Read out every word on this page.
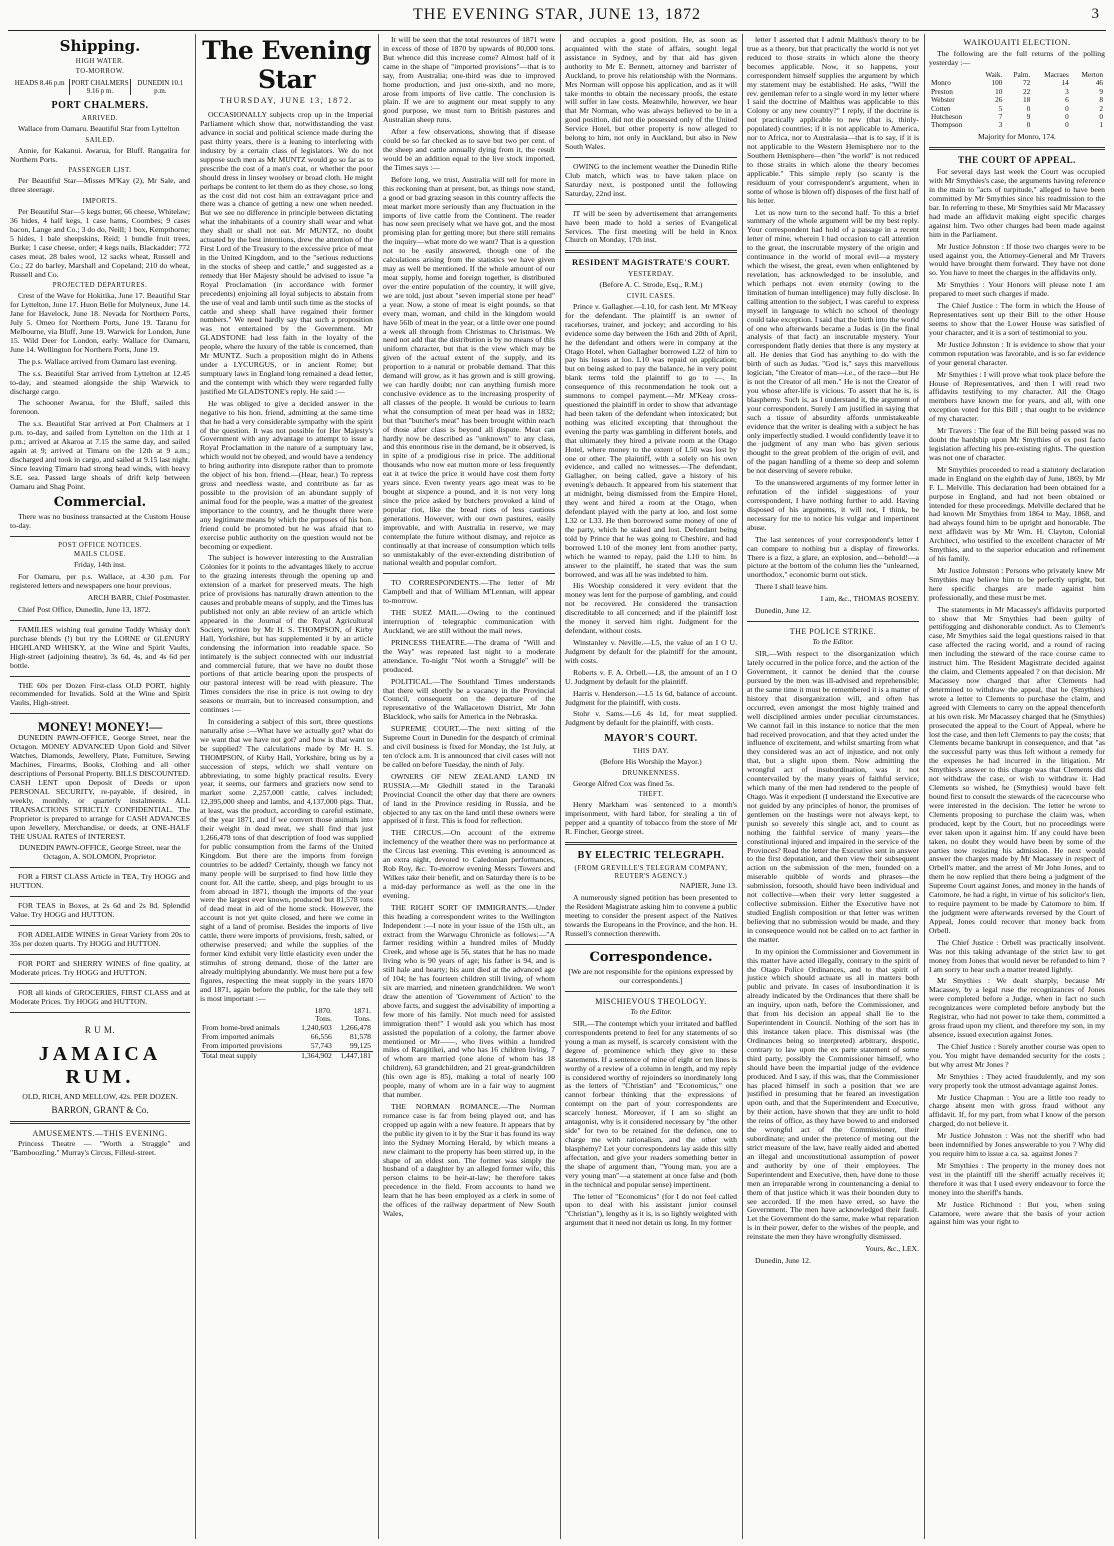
THE EVENING STAR, JUNE 13, 1872	3
Shipping.
HIGH WATER.
TO-MORROW.
HEADS 8.46 p.m PORT CHALMERS 9.16 p m.
DUNEDIN 10.1 p.m.
PORT CHALMERS.
ARRIVED.

Wallace from Oamaru. Beautiful Star from Lyttelton

SAILED.

Annie, for Kakanui. Awarua, for Bluff. Rangatira for Northern Ports.

PASSENGER LIST.

Per Beautiful Star—Misses M'Kay (2), Mr Sale, and three steerage.

IMPORTS.

Per Beautiful Star—5 kegs butter, 66 cheese, Whitelaw; 36 hides, 4 half kegs, 1 case hams, Coombes; 9 cases bacon, Lange and Co.; 3 do do, Neill; 1 box, Kempthorne; 5 hides, 1 bale sheepskins, Reid; 1 bundle fruit trees, Burke; 1 case cheese, order; 4 kegs nails, Blackadder; 772 cases meat, 28 bales wool, 12 sacks wheat, Russell and Co.; 22 do barley, Marshall and Copeland; 210 do wheat, Russell and Co.

PROJECTED DEPARTURES.

Crest of the Wave for Hokitika, June 17. Beautiful Star for Lyttelton, June 17. Huon Belle for Molyneux, June 14. Jane for Havelock, June 18. Nevada for Northern Ports, July 5. Omeo for Northern Ports, June 19. Taranu for Melbourne, via Bluff, June 19. Warwick for London, June 15. Wild Deer for London, early. Wallace for Oamaru, June 14. Wellington for Northern Ports, June 19.

The p.s. Wallace arrived from Oamaru last evening.

The s.s. Beautiful Star arrived from Lyttelton at 12.45 to-day, and steamed alongside the ship Warwick to discharge cargo.

The schooner Awarua, for the Bluff, sailed this forenoon.

The s.s. Beautiful Star arrived at Port Chalmers at 1 p.m. to-day, and sailed from Lyttelton on the 11th at 1 p.m.; arrived at Akaroa at 7.15 the same day, and sailed again at 9; arrived at Timaru on the 12th at 9 a.m.; discharged and took in cargo, and sailed at 9.15 last night. Since leaving Timaru had strong head winds, with heavy S.E. sea. Passed large shoals of drift kelp between Oamaru and Shag Point.

Commercial.

There was no business transacted at the Custom House to-day.

POST OFFICE NOTICES.
MAILS CLOSE.

Friday, 14th inst.

For Oamaru, per p.s. Wallace, at 4.30 p.m. For registered letters and newspapers one hour previous.

ARCH BARR, Chief Postmaster.

Chief Post Office, Dunedin, June 13, 1872.

FAMILIES wishing real genuine Toddy Whisky don't purchase blends (!) but try the LORNE or GLENURY HIGHLAND WHISKY, at the Wine and Spirit Vaults, High-street (adjoining theatre), 3s 6d, 4s, and 4s 6d per bottle.

THE 60s per Dozen First-class OLD PORT, highly recommended for Invalids. Sold at the Wine and Spirit Vaults, High-street.

MONEY! MONEY!—

DUNEDIN PAWN-OFFICE, George Street, near the Octagon. MONEY ADVANCED Upon Gold and Silver Watches, Diamonds, Jewellery, Plate, Furniture, Sewing Machines, Firearms, Books, Clothing and all other descriptions of Personal Property. BILLS DISCOUNTED. CASH LENT upon Deposit of Deeds or upon PERSONAL SECURITY, re-payable, if desired, in weekly, monthly, or quarterly instalments. ALL TRANSACTIONS STRICTLY CONFIDENTIAL. The Proprietor is prepared to arrange for CASH ADVANCES upon Jewellery, Merchandise, or deeds, at ONE-HALF THE USUAL RATES of INTEREST.

DUNEDIN PAWN-OFFICE, George Street, near the Octagon, A. SOLOMON, Proprietor.

FOR a FIRST CLASS Article in TEA, Try HOGG and HUTTON.

FOR TEAS in Boxes, at 2s 6d and 2s 8d. Splendid Value. Try HOGG and HUTTON.

FOR ADELAIDE WINES in Great Variety from 20s to 35s per dozen quarts. Try HOGG and HUTTON.

FOR PORT and SHERRY WINES of fine quality, at Moderate prices. Try HOGG and HUTTON.

FOR all kinds of GROCERIES, FIRST CLASS and at Moderate Prices. Try HOGG and HUTTON.

R U M.
JAMAICA RUM.

OLD, RICH, AND MELLOW, 42s. PER DOZEN.

BARRON, GRANT & Co.

AMUSEMENTS.—THIS EVENING.

Princess Theatre — "Worth a Straggle" and "Bamboozling." Murray's Circus, Filleul-street.

The Evening Star
THURSDAY, JUNE 13, 1872.

OCCASIONALLY subjects crop up in the Imperial Parliament which show that, notwithstanding the vast advance in social and political science made during the past thirty years, there is a leaning to interfering with industry by a certain class of legislators. We do not suppose such men as Mr MUNTZ would go so far as to prescribe the cost of a man's coat, or whether the poor should dress in linsey woolsey or broad cloth. He might perhaps be content to let them do as they chose, so long as the cost did not cost him an extravagant price and there was a chance of getting a new one when needed. But we see no difference in principle between dictating what the inhabitants of a country shall wear and what they shall or shall not eat. Mr MUNTZ, no doubt actuated by the best intentions, drew the attention of the First Lord of the Treasury to the excessive price of meat in the United Kingdom, and to the "serious reductions in the stocks of sheep and cattle," and suggested as a remedy that Her Majesty should be advised to issue "a Royal Proclamation (in accordance with former precedents) enjoining all loyal subjects to abstain from the use of veal and lamb until such time as the stocks of cattle and sheep shall have regained their former numbers." We need hardly say that such a proposition was not entertained by the Government. Mr GLADSTONE had less faith in the loyalty of the people, where the luxury of the table is concerned, than Mr MUNTZ. Such a proposition might do in Athens under a LYCURGUS, or in ancient Rome; but sumptuary laws in England long remained a dead letter, and the contempt with which they were regarded fully justified Mr GLADSTONE's reply. He said :—

He was obliged to give a decided answer in the negative to his hon. friend, admitting at the same time that he had a very considerable sympathy with the spirit of the question. It was not possible for Her Majesty's Government with any advantage to attempt to issue a Royal Proclamation in the nature of a sumptuary law, which would not be obeyed, and would have a tendency to bring authority into disrepute rather than to promote the object of his hon. friend.—(Hear, hear.) To repress gross and needless waste, and contribute as far as possible to the provision of an abundant supply of animal food for the people, was a matter of the greatest importance to the country, and he thought there were any legitimate means by which the purposes of his hon. friend could be promoted but he was afraid that to exercise public authority on the question would not be becoming or expedient.

The subject is however interesting to the Australian Colonies for it points to the advantages likely to accrue to the grazing interests through the opening up and extension of a market for preserved meats. The high price of provisions has naturally drawn attention to the causes and probable means of supply, and the Times has published not only an able review of an article which appeared in the Journal of the Royal Agricultural Society, written by Mr H. S. THOMPSON, of Kirby Hall, Yorkshire, but has supplemented it by an article condensing the information into readable space. So intimately is the subject connected with our industrial and commercial future, that we have no doubt those portions of that article bearing upon the prospects of our pastoral interest will be read with pleasure. The Times considers the rise in price is not owing to dry seasons or murrain, but to increased consumption, and continues :—

In considering a subject of this sort, three questions naturally arise :—What have we actually got? what do we want that we have not got? and how is that want to be supplied? The calculations made by Mr H. S. THOMPSON, of Kirby Hall, Yorkshire, bring us by a succession of steps, which we shall venture on abbreviating, to some highly practical results. Every year, it seems, our farmers and graziers now send to market some 2,257,000 cattle, calves included; 12,395,000 sheep and lambs, and 4,137,000 pigs. That, at least, was the product, according to careful estimate, of the year 1871, and if we convert those animals into their weight in dead meat, we shall find that just 1,266,478 tons of that description of food was supplied for public consumption from the farms of the United Kingdom. But there are the imports from foreign countries to be added? Certainly, though we fancy not many people will be surprised to find how little they count for. All the cattle, sheep, and pigs brought to us from abroad in 1871, though the imports of the year were the largest ever known, produced but 81,578 tons of dead meat in aid of the home stock. However, the account is not yet quite closed, and here we come in sight of a land of promise. Besides the imports of live cattle, there were imports of provisions, fresh, salted, or otherwise preserved; and while the supplies of the former kind exhibit very little elasticity even under the stimulus of strong demand, those of the latter are already multiplying abundantly. We must here put a few figures, respecting the meat supply in the years 1870 and 1871, again before the public, for the tale they tell is most important :—

	1870.	1871.
	Tons.	Tons.
From home-bred animals	1,240,603	1,266,478
From imported animals	66,556	81,578
From imported provisions	57,743	99,125
Total meat supply	1,364,902	1,447,181

It will be seen that the total resources of 1871 were in excess of those of 1870 by upwards of 80,000 tons. But whence did this increase come? Almost half of it came in the shape of "imported provisions"—that is to say, from Australia; one-third was due to improved home production, and just one-sixth, and no more, arose from imports of live cattle. The conclusion is plain. If we are to augment our meat supply to any good purpose, we must turn to British pastures and Australian sheep runs.

After a few observations, showing that if disease could be so far checked as to save but two per cent. of the sheep and cattle annually dying from it, the result would be an addition equal to the live stock imported, the Times says :—

Before long, we trust, Australia will tell for more in this reckoning than at present, but, as things now stand, a good or bad grazing season in this country affects the meat market more seriously than any fluctuation in the imports of live cattle from the Continent. The reader has now seen precisely what we have got, and the most promising plan for getting more; but there still remains the inquiry—what more do we want? That is a question not to be easily answered, though one of the calculations arising from the statistics we have given may as well be mentioned. If the whole amount of our meat supply, home and foreign together, is distributed over the entire population of the country, it will give, we are told, just about "seven imperial stone per head" a year. Now, a stone of meat is eight pounds, so that every man, woman, and child in the kingdom would have 56lb of meat in the year, or a little over one pound a week all through from Christmas to Christmas. We need not add that the distribution is by no means of this uniform character, but that is the view which may be given of the actual extent of the supply, and its proportion to a natural or probable demand. That this demand will grow, as it has grown and is still growing, we can hardly doubt; nor can anything furnish more conclusive evidence as to the increasing prosperity of all classes of the people. It would be curious to learn what the consumption of meat per head was in 1832; but that "butcher's meat" has been brought within reach of those after class is beyond all dispute. Meat can hardly now be described as "unknown" to any class, and this enormous rise in the demand, be it observed, is in spite of a prodigious rise in price. The additional thousands who now eat mutton more or less frequently eat it at twice the price it would have cost them forty years since. Even twenty years ago meat was to be bought at sixpence a pound, and it is not very long since the price asked by butchers provoked a kind of popular riot, like the bread riots of less cautious generations. However, with our own pastures, easily improvable, and with Australia in reserve, we may contemplate the future without dismay, and rejoice as continually at that increase of consumption which tells so unmistakably of the ever-extending distribution of national wealth and popular comfort.

TO CORRESPONDENTS.—The letter of Mr Campbell and that of William M'Lennan, will appear to-morrow.

THE SUEZ MAIL.—Owing to the continued interruption of telegraphic communication with Auckland, we are still without the mail news.

PRINCESS THEATRE.—The drama of "Will and the Way" was repeated last night to a moderate attendance. To-night "Not worth a Struggle" will be produced.

POLITICAL.—The Southland Times understands that there will shortly be a vacancy in the Provincial Council, consequent on the departure of the representative of the Wallacetown District, Mr John Blacklock, who sails for America in the Nebraska.

SUPREME COURT.—The next sitting of the Supreme Court in Dunedin for the despatch of criminal and civil business is fixed for Monday, the 1st July, at ten o'clock a.m. It is announced that civil cases will not be called on before Tuesday, the ninth of July.

OWNERS OF NEW ZEALAND LAND IN RUSSIA.—Mr Gledhill stated in the Taranaki Provincial Council the other day that there are owners of land in the Province residing in Russia, and he objected to any tax on the land until these owners were apprised of it first. This is food for reflection.

THE CIRCUS.—On account of the extreme inclemency of the weather there was no performance at the Circus last evening. This evening is announced as an extra night, devoted to Caledonian performances, Rob Roy, &c. To-morrow evening Messrs Towers and Wilkes take their benefit, and on Saturday there is to be a mid-day performance as well as the one in the evening.

THE RIGHT SORT OF IMMIGRANTS.—Under this heading a correspondent writes to the Wellington Independent :—I note in your issue of the 15th ult., an extract from the Warwagu Chronicle as follows:—"A farmer residing within a hundred miles of Muddy Creek, and whose age is 56, states that he has no made living who is 90 years of age; his father is 94, and is still hale and hearty; his aunt died at the advanced age of 104; he has fourteen children still living, of whom six are married, and nineteen grandchildren. We won't draw the attention of 'Government of Action' to the above facts, and suggest the advisability of importing a few more of his family. Not much need for assisted immigration then!" I would ask you which has most assisted the population of a colony, the farmer above mentioned or Mr——, who lives within a hundred miles of Rangitikei, and who has 16 children living, 7 of whom are married (one alone of whom has 18 children), 63 grandchildren, and 21 great-grandchildren (his own age is 85), making a total of nearly 100 people, many of whom are in a fair way to augment that number.

THE NORMAN ROMANCE.—The Norman romance case is far from being played out, and has cropped up again with a new feature. It appears that by the public ity given to it by the Star it has found its way into the Sydney Morning Herald, by which means a new claimant to the property has been stirred up, in the shape of an eldest son. The former was simply the husband of a daughter by an alleged former wife, this person claims to be heir-at-law; he therefore takes precedence in the field. From accounts to hand we learn that he has been employed as a clerk in some of the offices of the railway department of New South Wales,

and occupies a good position. He, as soon as acquainted with the state of affairs, sought legal assistance in Sydney, and by that aid has given authority to Mr E. Bennett, attorney and barrister of Auckland, to prove his relationship with the Normans. Mrs Norman will oppose his application, and as it will take months to obtain the necessary proofs, the estate will suffer in law costs. Meanwhile, however, we hear that Mr Norman, who was always believed to be in a good position, did not die possessed only of the United Service Hotel, but other property is now alleged to belong to him, not only in Auckland, but also in New South Wales.

OWING to the inclement weather the Dunedin Rifle Club match, which was to have taken place on Saturday next, is postponed until the following Saturday, 22nd inst.

IT will be seen by advertisement that arrangements have been made to hold a series of Evangelical Services. The first meeting will be held in Knox Church on Monday, 17th inst.

RESIDENT MAGISTRATE'S COURT.
YESTERDAY.

(Before A. C. Strode, Esq., R.M.)

CIVIL CASES.

Prince v. Gallagher.—L10, for cash lent. Mr M'Keay for the defendant. The plaintiff is an owner of racehorses, trainer, and jockey; and according to his evidence some day between the 16th and 20th of April, he the defendant and others were in company at the Otago Hotel, when Gallagher borrowed L22 of him to pay his losses at loo. L10 was repaid on application; but on being asked to pay the balance, he in very point blank terms told the plaintiff to go to —. In consequence of this reconmendation he took out a summons to compel payment.—Mr M'Keay cross-questioned the plaintiff in order to show that advantage had been taken of the defendant when intoxicated; but nothing was elicited excepting that throughout the evening the party was gambling in different hotels, and that ultimately they hired a private room at the Otago Hotel, where money to the extent of L50 was lost by one or other. The plaintiff, with a solely on his own evidence, and called no witnesses.—The defendant, Gallagher, on being called, gave a history of his evening's debauch. It appeared from his statement that at midnight, being dismissed from the Empire Hotel, they went and hired a room at the Otago, when defendant played with the party at loo, and lost some L32 or L33. He then borrowed some money of one of the party, which he staked and lost. Defendant being told by Prince that he was going to Cheshire, and had borrowed L10 of the money lent from another party, which he wanted to repay, paid the L10 to him. In answer to the plaintiff, he stated that was the sum borrowed, and was all he was indebted to him.

His Worship considered it very evident that the money was lent for the purpose of gambling, and could not be recovered. He considered the transaction discreditable to all concerned; and if the plaintiff lost the money it served him right. Judgment for the defendant, without costs.

Winstanley v. Neville.—L5, the value of an I O U. Judgment by default for the plaintiff for the amount, with costs.

Roberts v. F. A. Orbell.—L8, the amount of an I O U. Judgment by default for the plaintiff.

Harris v. Henderson.—L5 1s 6d, balance of account. Judgment for the plaintiff, with costs.

Stohr v. Sams.—L6 4s 1d, for meat supplied. Judgment by default for the plaintiff, with costs.

MAYOR'S COURT.
THIS DAY.

(Before His Worship the Mayor.)

DRUNKENNESS.

George Alfred Cox was fined 5s.

THEFT.

Henry Markham was sentenced to a month's imprisonment, with hard labor, for stealing a tin of pepper and a quantity of tobacco from the store of Mr R. Fincher, George street.

BY ELECTRIC TELEGRAPH.
(FROM GREVILLE'S TELEGRAM COMPANY, REUTER'S AGENCY.)

NAPIER, June 13.

A numerously signed petition has been presented to the Resident Magistrate asking him to convene a public meeting to consider the present aspect of the Natives towards the Europeans in the Province, and the hon. H. Russell's connection therewith.

Correspondence.

[We are not responsible for the opinions expressed by our correspondents.]

MISCHIEVOUS THEOLOGY.

To the Editor.

SIR,—The contempt which your irritated and baffled correspondents pretend to feel for any statements of so young a man as myself, is scarcely consistent with the degree of prominence which they give to these statements. If a sentence of mine of eight or ten lines is worthy of a review of a column in length, and my reply is considered worthy of rejoinders so inordinately long as the letters of "Christian" and "Economicus," one cannot forbear thinking that the expressions of contempt on the part of your correspondents are scarcely honest. Moreover, if I am so slight an antagonist, why is it considered necessary by "the other side" for two to be retained for the defence, one to charge me with rationalism, and the other with blasphemy? Let your correspondents lay aside this silly affectation, and give your readers something better in the shape of argument than, "Young man, you are a very young man"—a statement at once false and (both in the technical and popular sense) impertinent.

The letter of "Economicus" (for I do not feel called upon to deal with his assistant junior counsel "Christian"), lengthy as it is, is so lightly weighted with argument that it need not detain us long. In my former

letter I asserted that I admit Malthus's theory to be true as a theory, but that practically the world is not yet reduced to those straits in which alone the theory becomes applicable. Now, it so happens, your correspondent himself supplies the argument by which my statement may be established. He asks, "Will the rev. gentleman refer to a single word in my letter where I said the doctrine of Malthus was applicable to this Colony or any new country?" I reply, if the doctrine is not practically applicable to new (that is, thinly-populated) countries; if it is not applicable to America, nor to Africa, nor to Australasia—that is to say, if it is not applicable to the Western Hemisphere nor to the Southern Hemisphere—then "the world" is not reduced to those straits in which alone the theory becomes applicable." This simple reply (so scanty is the residuum of your correspondent's argument, when in some of whose is blown off) disposes of the first half of his letter.

Let us now turn to the second half. To this a brief summary of the whole argument will be my best reply. Your correspondent had hold of a passage in a recent letter of mine, wherein I had occasion to call attention to the great, the inscrutable mystery of the origin and continuance in the world of moral evil—a mystery which the wisest, the great, even when enlightened by revelation, has acknowledged to be insoluble, and which perhaps not even eternity (owing to the limitation of human intelligence) may fully disclose. In calling attention to the subject, I was careful to express myself in language to which no school of theology could take exception. I said that the birth into the world of one who afterwards became a Judas is (in the final analysis of that fact) an inscrutable mystery. Your correspondent flatly denies that there is any mystery at all. He denies that God has anything to do with the birth of such as Judas. "God is," says this marvellous logician, "the Creator of man—i.e., of the race—but He is not the Creator of all men." He is not the Creator of you whose after-life is vicious. To assert that he is, is blasphemy. Such is, as I understand it, the argument of your correspondent. Surely I am justified in saying that such a tissue of absurdity affords unmistakeable evidence that the writer is dealing with a subject he has only imperfectly studied. I would confidently leave it to the judgment of any man who has given serious thought to the great problem of the origin of evil, and of the pagan handling of a theme so deep and solemn be not deserving of severe rebuke.

To the unanswered arguments of my former letter in refutation of the infidel suggestions of your correspondent, I have nothing further to add. Having disposed of his arguments, it will not, I think, be necessary for me to notice his vulgar and impertinent abuse.

The last sentences of your correspondent's letter I can compare to nothing but a display of fireworks. There is a fizz, a glare, an explosion, and—behold!—a picture at the bottom of the column lies the "unlearned, unorthodox," economic burnt out stick.

There I shall leave him.

I am, &c., THOMAS ROSEBY.

Dunedin, June 12.

THE POLICE STRIKE.

To the Editor.

SIR,—With respect to the disorganization which lately occurred in the police force, and the action of the Government, it cannot be denied that the course pursued by the men was ill-advised and reprehensible; at the same time it must be remembered it is a matter of history that disorganization will, and often has occurred, even amongst the most highly trained and well disciplined armies under peculiar circumstances. We cannot fail in this instance to notice that the men had received provocation, and that they acted under the influence of excitement, and whilst smarting from what they considered was an act of injustice, and not only that, but a slight upon them. Now admitting the wrongful act of insubordination, was it not countervailed by the many years of faithful service, which many of the men had rendered to the people of Otago. Was it expedient (I understand the Executive are not guided by any principles of honor, the promises of gentlemen on the hustings were not always kept, to punish so severely this single act, and to count as nothing the faithful service of many years—the constitutional injured and impaired in the service of the Provinces? Read the letter the Executive sent in answer to the first deputation, and then view their subsequent action on the submission of the men, founded on a miserable quibble of words and phrases—the submission, forsooth, should have been individual and not collective—when their very letter suggested a collective submission. Either the Executive have not studied English composition or that letter was written believing that no submission would be made, and they in consequence would not be called on to act farther in the matter.

In my opinion the Commissioner and Government in this matter have acted illegally, contrary to the spirit of the Otago Police Ordinances, and to that spirit of justice which should actuate us all in matters both public and private. In cases of insubordination it is already indicated by the Ordinances that there shall be an inquiry, upon oath, before the Commissioner, and that from his decision an appeal shall lie to the Superintendent in Council. Nothing of the sort has in this instance taken place. This dismissal was (the Ordinances being so interpreted) arbitrary, despotic, contrary to law upon the ex parte statement of some third party, possibly the Commissioner himself, who should have been the impartial judge of the evidence produced. And I say, if this was, that the Commissioner has placed himself in such a position that we are justified in presuming that he feared an investigation upon oath, and that the Superintendent and Executive, by their action, have shown that they are unfit to hold the reins of office, as they have bowed to and endorsed the wrongful act of the Commissioner, their subordinate; and under the pretence of meting out the strict measure of the law, have really aided and abetted an illegal and unconstitutional assumption of power and authority by one of their employees. The Superintendent and Executive, then, have done to those men an irreparable wrong in countenancing a denial to them of that justice which it was their bounden duty to see accorded. If the men have erred, so have the Government. The men have acknowledged their fault. Let the Government do the same, make what reparation is in their power, defer to the wishes of the people, and reinstate the men they have wrongfully dismissed.

Yours, &c., LEX.

Dunedin, June 12.

WAIKOUAITI ELECTION.

The following are the full returns of the polling yesterday :—

	Waik.	Palm.	Macraes	Merton
Monro	100	72	14	46
Preston	10	22	3	9
Webster	26	18	6	8
Cotten	5	0	0	2
Hutcheson	7	9	0	0
Thompson	3	0	0	1

Majority for Monro, 174.

THE COURT OF APPEAL.

For several days last week the Court was occupied with Mr Smythies's case, the arguments having reference in the main to "acts of turpitude," alleged to have been committed by Mr Smythies since his readmission to the bar. In referring to these, Mr Smythies said Mr Macassey had made an affidavit making eight specific charges against him. Two other charges had been made against him in the Parliament.

Mr Justice Johnston : If those two charges were to be used against you, the Attorney-General and Mr Travers would have brought them forward. They have not done so. You have to meet the charges in the affidavits only.

Mr Smythies : Your Honors will please note I am prepared to meet such charges if made.

The Chief Justice : The form in which the House of Representatives sent up their Bill to the other House seems to show that the Lower House was satisfied of your character, and it is a sort of testimonial to you.

Mr Justice Johnston : It is evidence to show that your common reputation was favorable, and is so far evidence of your general character.

Mr Smythies : I will prove what took place before the House of Representatives, and then I will read two affidavits testifying to my character. All the Otago members have known me for years, and all, with one exception voted for this Bill ; that ought to be evidence of my character.

Mr Travers : The fear of the Bill being passed was no doubt the hardship upon Mr Smythies of ex post facto legislation affecting his pre-existing rights. The question was not one of character.

Mr Smythies proceeded to read a statutory declaration made in England on the eighth day of June, 1869, by Mr F. L. Melville. This declaration had been obtained for a purpose in England, and had not been obtained or intended for these proceedings. Melville declared that he had known Mr Smythies from 1864 to May, 1868, and had always found him to be upright and honorable. The next affidavit was by Mr Wm. H. Clayton, Colonial Architect, who testified to the excellent character of Mr Smythies, and to the superior education and refinement of his family.

Mr Justice Johnston : Persons who privately knew Mr Smythies may believe him to be perfectly upright, but here specific charges are made against him professionally, and these must be met.

The statements in Mr Macassey's affidavits purported to show that Mr Smythies had been guilty of pettifogging and dishonorable conduct. As to Clement's case, Mr Smythies said the legal questions raised in that case affected the racing world, and a round of racing men including the steward of the race course came to instruct him. The Resident Magistrate decided against the claim, and Clements appealed ? on that decision. Mr Macassey now charged that after Clements had determined to withdraw the appeal, that he (Smythies) wrote a letter to Clements to purchase the claim, and agreed with Clements to carry on the appeal thenceforth at his own risk. Mr Macassey charged that he (Smythies) prosecuted the appeal to the Court of Appeal, where he lost the case, and then left Clements to pay the costs; that Clements became bankrupt in consequence, and that "as the successful party was thus left without a remedy for the expenses he had incurred in the litigation. Mr Smythies's answer to this charge was that Clements did not withdraw the case, or wish to withdraw it. Had Clements so wished, he (Smythies) would have felt bound first to consult the stewards of the racecourse who were interested in the decision. The letter he wrote to Clements proposing to purchase the claim was, when produced, kept by the Court, but no proceedings were ever taken upon it against him. If any could have been taken, no doubt they would have been by some of the parties now resisting his admission. He next would answer the charges made by Mr Macassey in respect of Orbell's matter, and the arrest of Mr John Jones, and to them he now replied that there being a judgment of the Supreme Court against Jones, and money in the hands of Catomore, he had a right, in virtue of his solicitor's lien, to require payment to be made by Catomore to him. If the judgment were afterwards reversed by the Court of Appeal, Jones could recover that money back from Orbell.

The Chief Justice : Orbell was practically insolvent. Was not this taking advantage of the strict law to get money from Jones that would never be refunded to him ? I am sorry to hear such a matter treated lightly.

Mr Smythies : We dealt sharply, because Mr Macassey, by a legal ruse the recognizances of Jones were completed before a Judge, when in fact no such recognizances were completed before anybody but the Registrar, who had not power to take them, committed a gross fraud upon my client, and therefore my son, in my absence, issued execution against Jones.

The Chief Justice : Surely another course was open to you. You might have demanded security for the costs ; but why arrest Mr Jones ?

Mr Smythies : They acted fraudulently, and my son very properly took the utmost advantage against Jones.

Mr Justice Chapman : You are a little too ready to charge absent men with gross fraud without any affidavit. If, for my part, from what I know of the person charged, do not believe it.

Mr Justice Johnston : Was not the sheriff who had been indemnified by Jones answerable to you ? Why did you require him to issue a ca. sa. against Jones ?

Mr Smythies : The property in the money does not vest in the plaintiff till the sheriff actually receives it; therefore it was that I used every endeavour to force the money into the sheriff's hands.

Mr Justice Richmond : But you, when suing Catamore, were aware that the basis of your action against him was your right to
